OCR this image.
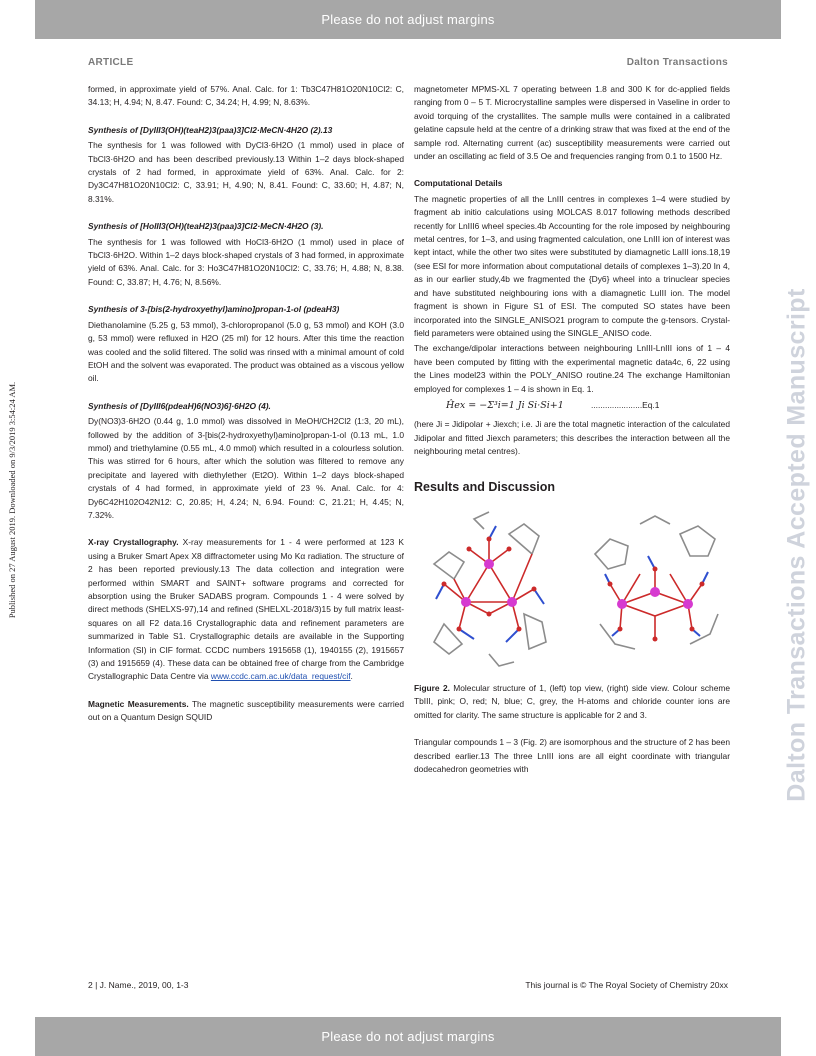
Please do not adjust margins
ARTICLE	Dalton Transactions
Published on 27 August 2019. Downloaded on 9/3/2019 3:54:24 AM.	Dalton Transactions Accepted Manuscript

formed, in approximate yield of 57%. Anal. Calc. for 1: Tb3C47H81O20N10Cl2: C, 34.13; H, 4.94; N, 8.47. Found: C, 34.24; H, 4.99; N, 8.63%.

Synthesis of [DyIII3(OH)(teaH2)3(paa)3]Cl2·MeCN·4H2O (2).13

The synthesis for 1 was followed with DyCl3·6H2O (1 mmol) used in place of TbCl3·6H2O and has been described previously.13 Within 1–2 days block-shaped crystals of 2 had formed, in approximate yield of 63%. Anal. Calc. for 2: Dy3C47H81O20N10Cl2: C, 33.91; H, 4.90; N, 8.41. Found: C, 33.60; H, 4.87; N, 8.31%.

Synthesis of [HoIII3(OH)(teaH2)3(paa)3]Cl2·MeCN·4H2O (3).

The synthesis for 1 was followed with HoCl3·6H2O (1 mmol) used in place of TbCl3·6H2O. Within 1–2 days block-shaped crystals of 3 had formed, in approximate yield of 63%. Anal. Calc. for 3: Ho3C47H81O20N10Cl2: C, 33.76; H, 4.88; N, 8.38. Found: C, 33.87; H, 4.76; N, 8.56%.

Synthesis of 3-[bis(2-hydroxyethyl)amino]propan-1-ol (pdeaH3)

Diethanolamine (5.25 g, 53 mmol), 3-chloropropanol (5.0 g, 53 mmol) and KOH (3.0 g, 53 mmol) were refluxed in H2O (25 ml) for 12 hours. After this time the reaction was cooled and the solid filtered. The solid was rinsed with a minimal amount of cold EtOH and the solvent was evaporated. The product was obtained as a viscous yellow oil.

Synthesis of [DyIII6(pdeaH)6(NO3)6]·6H2O (4).

Dy(NO3)3·6H2O (0.44 g, 1.0 mmol) was dissolved in MeOH/CH2Cl2 (1:3, 20 mL), followed by the addition of 3-[bis(2-hydroxyethyl)amino]propan-1-ol (0.13 mL, 1.0 mmol) and triethylamine (0.55 mL, 4.0 mmol) which resulted in a colourless solution. This was stirred for 6 hours, after which the solution was filtered to remove any precipitate and layered with diethylether (Et2O). Within 1–2 days block-shaped crystals of 4 had formed, in approximate yield of 23 %. Anal. Calc. for 4: Dy6C42H102O42N12: C, 20.85; H, 4.24; N, 6.94. Found: C, 21.21; H, 4.45; N, 7.32%.

X-ray Crystallography. X-ray measurements for 1 - 4 were performed at 123 K using a Bruker Smart Apex X8 diffractometer using Mo Kα radiation. The structure of 2 has been reported previously.13 The data collection and integration were performed within SMART and SAINT+ software programs and corrected for absorption using the Bruker SADABS program. Compounds 1 - 4 were solved by direct methods (SHELXS-97),14 and refined (SHELXL-2018/3)15 by full matrix least-squares on all F2 data.16 Crystallographic data and refinement parameters are summarized in Table S1. Crystallographic details are available in the Supporting Information (SI) in CIF format. CCDC numbers 1915658 (1), 1940155 (2), 1915657 (3) and 1915659 (4). These data can be obtained free of charge from the Cambridge Crystallographic Data Centre via www.ccdc.cam.ac.uk/data_request/cif.

Magnetic Measurements. The magnetic susceptibility measurements were carried out on a Quantum Design SQUID

magnetometer MPMS-XL 7 operating between 1.8 and 300 K for dc-applied fields ranging from 0 – 5 T. Microcrystalline samples were dispersed in Vaseline in order to avoid torquing of the crystallites. The sample mulls were contained in a calibrated gelatine capsule held at the centre of a drinking straw that was fixed at the end of the sample rod. Alternating current (ac) susceptibility measurements were carried out under an oscillating ac field of 3.5 Oe and frequencies ranging from 0.1 to 1500 Hz.

Computational Details

The magnetic properties of all the LnIII centres in complexes 1–4 were studied by fragment ab initio calculations using MOLCAS 8.017 following methods described recently for LnIII6 wheel species.4b Accounting for the role imposed by neighbouring metal centres, for 1–3, and using fragmented calculation, one LnIII ion of interest was kept intact, while the other two sites were substituted by diamagnetic LaIII ions.18,19 (see ESI for more information about computational details of complexes 1–3).20 In 4, as in our earlier study,4b we fragmented the {Dy6} wheel into a trinuclear species and have substituted neighbouring ions with a diamagnetic LuIII ion. The model fragment is shown in Figure S1 of ESI. The computed SO states have been incorporated into the SINGLE_ANISO21 program to compute the g-tensors. Crystal-field parameters were obtained using the SINGLE_ANISO code.

The exchange/dipolar interactions between neighbouring LnIII-LnIII ions of 1 – 4 have been computed by fitting with the experimental magnetic data4c, 6, 22 using the Lines model23 within the POLY_ANISO routine.24 The exchange Hamiltonian employed for complexes 1 – 4 is shown in Eq. 1.

Ĥex = −Σ³i=1 Ji Si·Si+1	......................Eq.1

(here Ji = Jidipolar + Jiexch; i.e. Ji are the total magnetic interaction of the calculated Jidipolar and fitted Jiexch parameters; this describes the interaction between all the neighbouring metal centres).

Results and Discussion

Figure 2. Molecular structure of 1, (left) top view, (right) side view. Colour scheme TbIII, pink; O, red; N, blue; C, grey, the H-atoms and chloride counter ions are omitted for clarity. The same structure is applicable for 2 and 3.

Triangular compounds 1 – 3 (Fig. 2) are isomorphous and the structure of 2 has been described earlier.13 The three LnIII ions are all eight coordinate with triangular dodecahedron geometries with

2 | J. Name., 2019, 00, 1-3	This journal is © The Royal Society of Chemistry 20xx
Please do not adjust margins
